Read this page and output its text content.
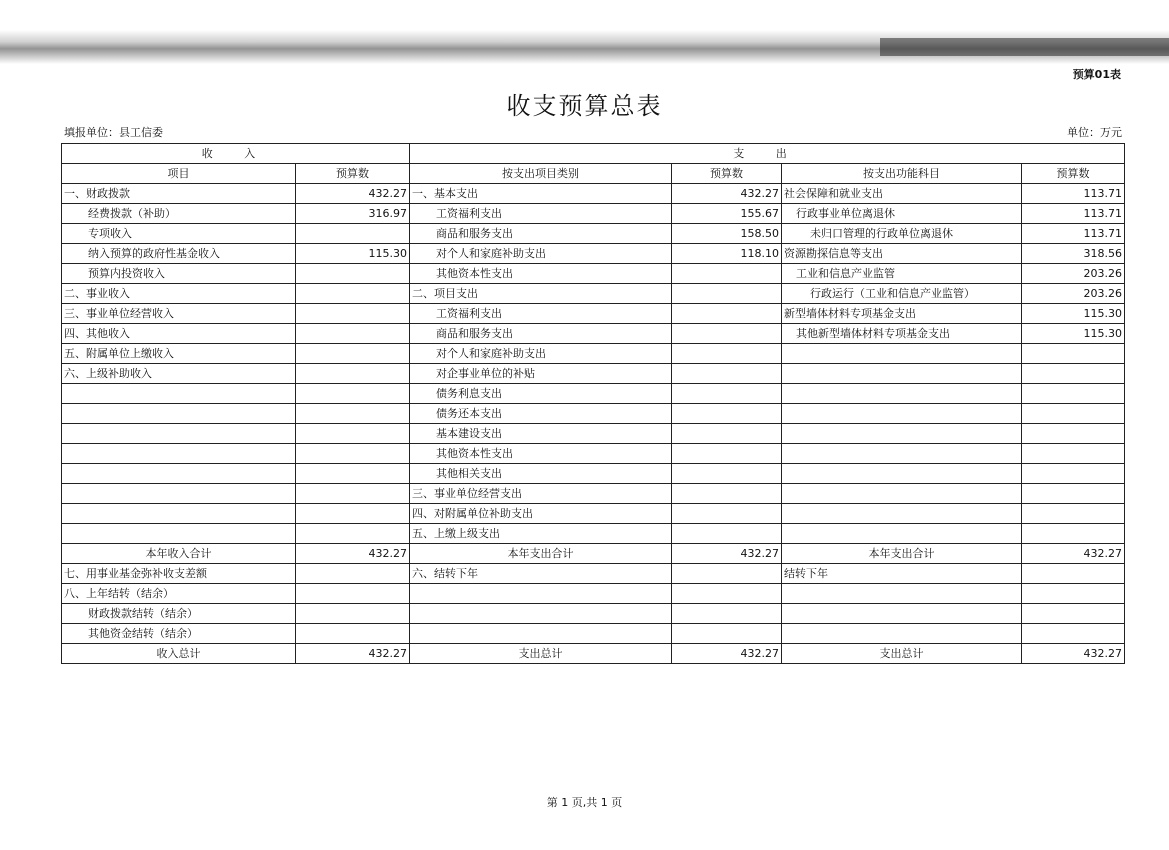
预算01表
收支预算总表
填报单位：县工信委	单位：万元
收 入		支 出			
项目	预算数	按支出项目类别	预算数	按支出功能科目	预算数
一、财政拨款	432.27	一、基本支出	432.27	社会保障和就业支出	113.71
经费拨款（补助）	316.97	工资福利支出	155.67	行政事业单位离退休	113.71
专项收入		商品和服务支出	158.50	未归口管理的行政单位离退休	113.71
纳入预算的政府性基金收入	115.30	对个人和家庭补助支出	118.10	资源勘探信息等支出	318.56
预算内投资收入		其他资本性支出		工业和信息产业监管	203.26
二、事业收入		二、项目支出		行政运行（工业和信息产业监管）	203.26
三、事业单位经营收入		工资福利支出		新型墙体材料专项基金支出	115.30
四、其他收入		商品和服务支出		其他新型墙体材料专项基金支出	115.30
五、附属单位上缴收入		对个人和家庭补助支出			
六、上级补助收入		对企事业单位的补贴			
		债务利息支出			
		债务还本支出			
		基本建设支出			
		其他资本性支出			
		其他相关支出			
		三、事业单位经营支出			
		四、对附属单位补助支出			
		五、上缴上级支出			
本年收入合计	432.27	本年支出合计	432.27	本年支出合计	432.27
七、用事业基金弥补收支差额		六、结转下年		结转下年	
八、上年结转（结余）					
财政拨款结转（结余）					
其他资金结转（结余）					
收入总计	432.27	支出总计	432.27	支出总计	432.27
第 1 页,共 1 页
